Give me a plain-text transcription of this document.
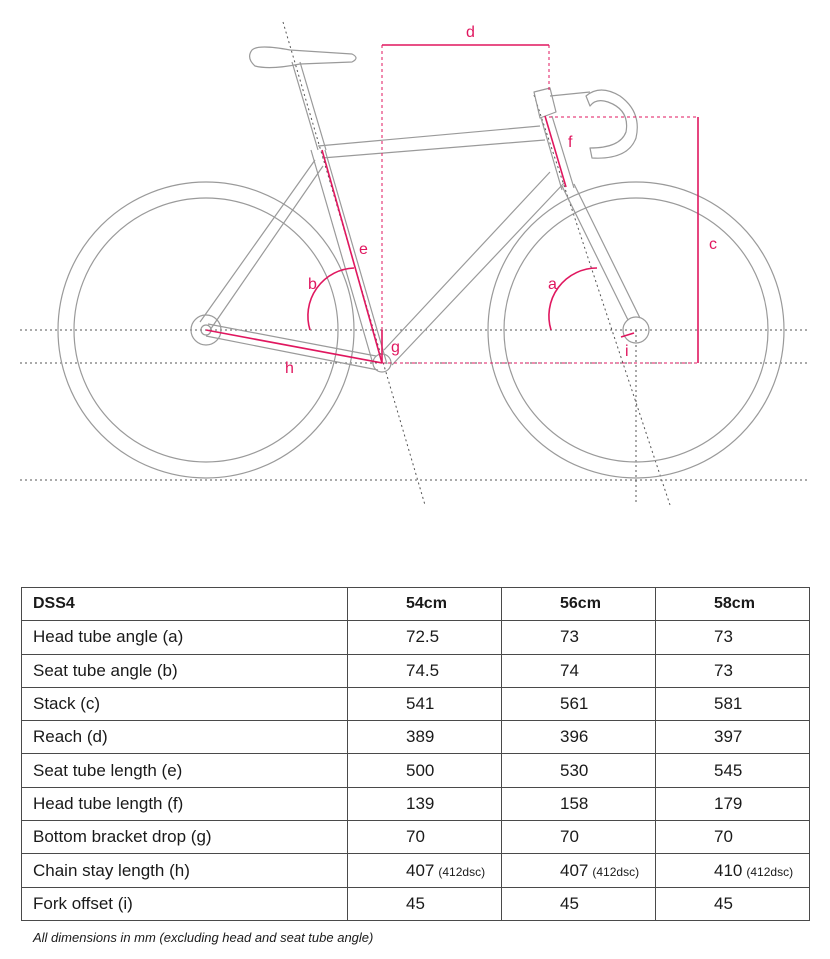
d
c
f
e
b	a
g
h
i
DSS4	54cm	56cm	58cm
Head tube angle (a)	72.5	73	73
Seat tube angle (b)	74.5	74	73
Stack (c)	541	561	581
Reach (d)	389	396	397
Seat tube length (e)	500	530	545
Head tube length (f)	139	158	179
Bottom bracket drop (g)	70	70	70
Chain stay length (h)	407 (412dsc)	407 (412dsc)	410 (412dsc)
Fork offset (i)	45	45	45
All dimensions in mm (excluding head and seat tube angle)
